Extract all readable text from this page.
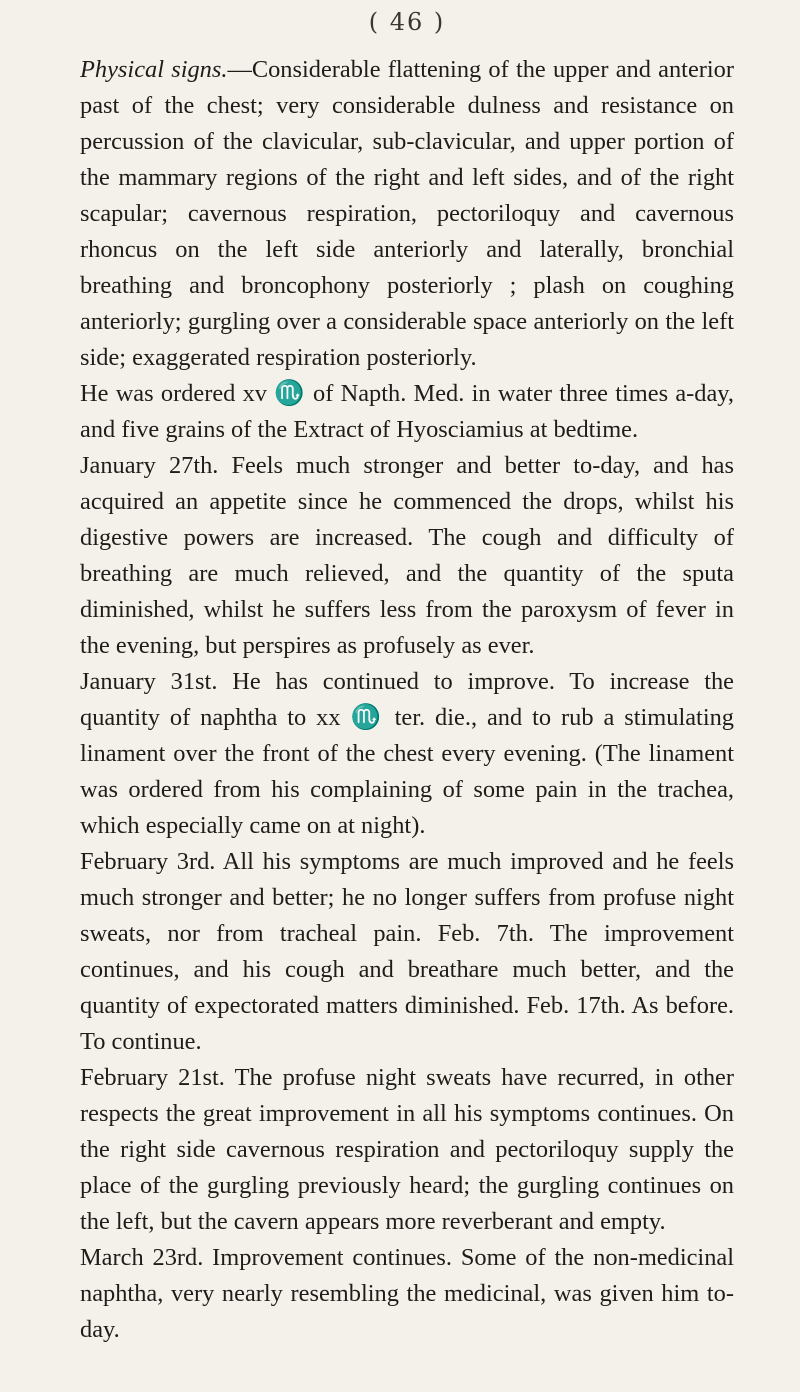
( 46 )

Physical signs.—Considerable flattening of the upper and anterior past of the chest; very considerable dulness and resistance on percussion of the clavicular, sub-clavicular, and upper portion of the mammary regions of the right and left sides, and of the right scapular; cavernous respiration, pectoriloquy and cavernous rhoncus on the left side anteriorly and laterally, bronchial breathing and broncophony posteriorly ; plash on coughing anteriorly; gurgling over a considerable space anteriorly on the left side; exaggerated respiration posteriorly.

He was ordered xv ♏ of Napth. Med. in water three times a-day, and five grains of the Extract of Hyosciamius at bedtime.

January 27th. Feels much stronger and better to-day, and has acquired an appetite since he commenced the drops, whilst his digestive powers are increased. The cough and difficulty of breathing are much relieved, and the quantity of the sputa diminished, whilst he suffers less from the paroxysm of fever in the evening, but perspires as profusely as ever.

January 31st. He has continued to improve. To increase the quantity of naphtha to xx ♏ ter. die., and to rub a stimulating linament over the front of the chest every evening. (The linament was ordered from his complaining of some pain in the trachea, which especially came on at night).

February 3rd. All his symptoms are much improved and he feels much stronger and better; he no longer suffers from profuse night sweats, nor from tracheal pain. Feb. 7th. The improvement continues, and his cough and breathare much better, and the quantity of expectorated matters diminished. Feb. 17th. As before. To continue.

February 21st. The profuse night sweats have recurred, in other respects the great improvement in all his symptoms continues. On the right side cavernous respiration and pectoriloquy supply the place of the gurgling previously heard; the gurgling continues on the left, but the cavern appears more reverberant and empty.

March 23rd. Improvement continues. Some of the non-medicinal naphtha, very nearly resembling the medicinal, was given him to-day.
